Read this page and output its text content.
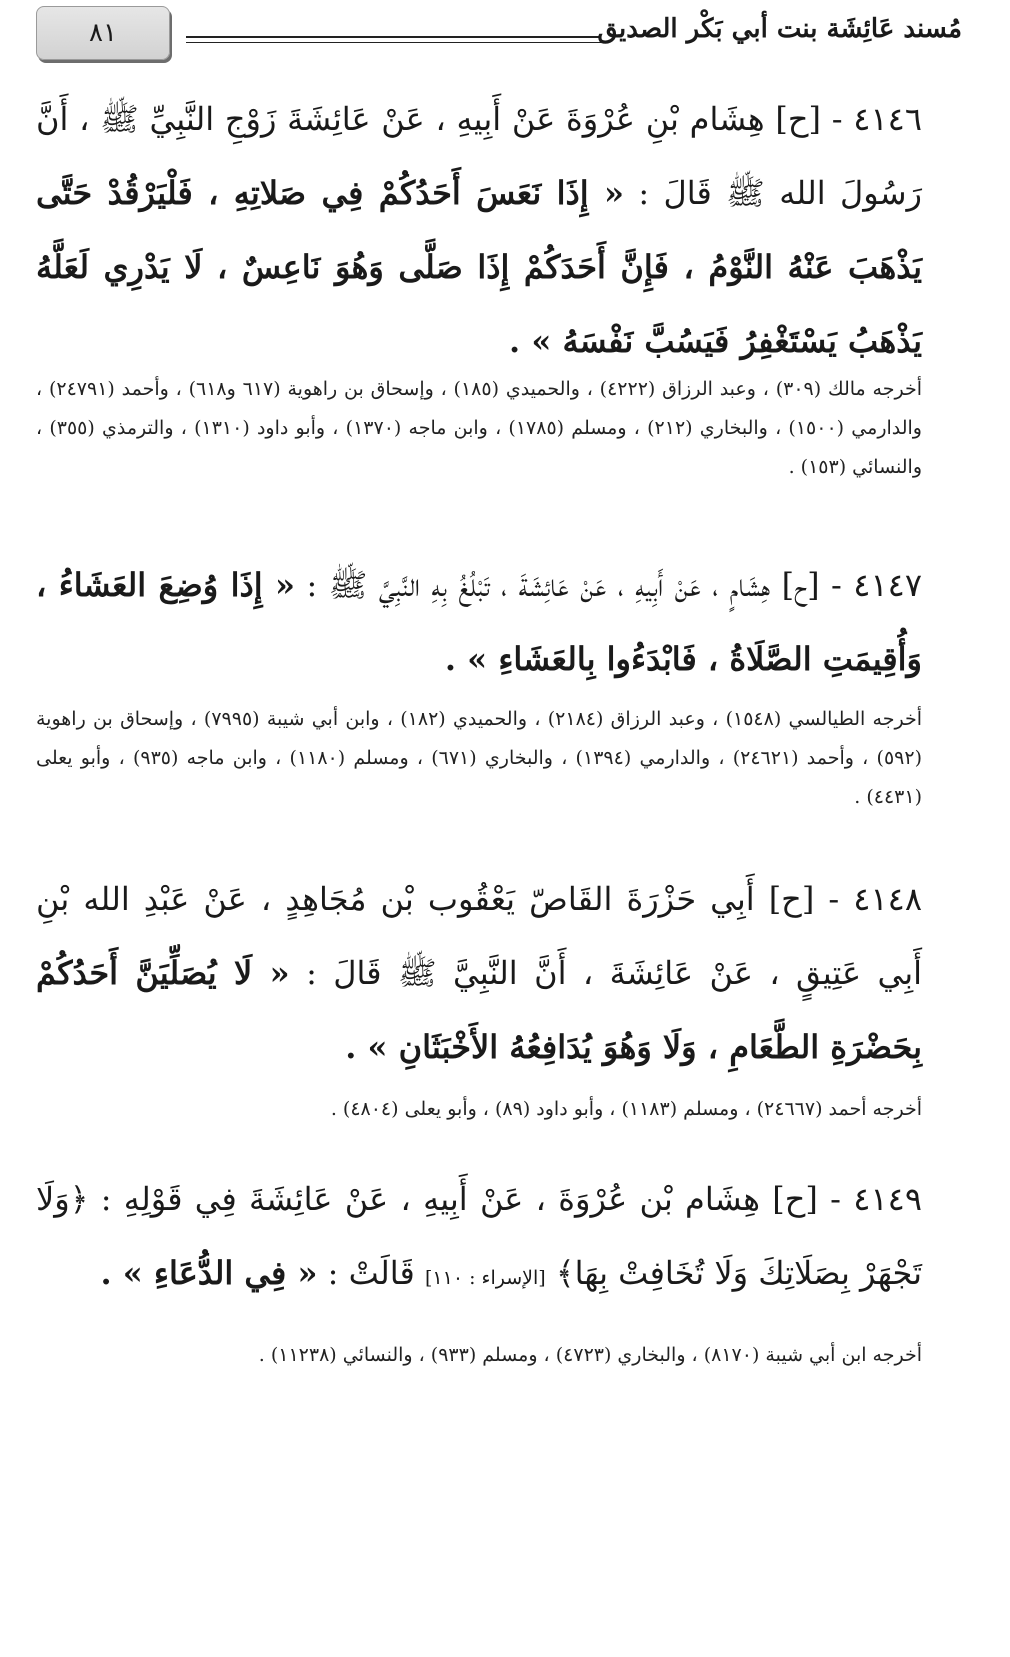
٨١	مُسند عَائِشَة بنت أبي بَكْر الصديق
٤١٤٦ - [ح] هِشَام بْنِ عُرْوَةَ عَنْ أَبِيهِ ، عَنْ عَائِشَةَ زَوْجِ النَّبِيِّ ﷺ ، أَنَّ رَسُولَ الله ﷺ قَالَ : « إِذَا نَعَسَ أَحَدُكُمْ فِي صَلاتِهِ ، فَلْيَرْقُدْ حَتَّى يَذْهَبَ عَنْهُ النَّوْمُ ، فَإِنَّ أَحَدَكُمْ إِذَا صَلَّى وَهُوَ نَاعِسٌ ، لَا يَدْرِي لَعَلَّهُ يَذْهَبُ يَسْتَغْفِرُ فَيَسُبَّ نَفْسَهُ » .
أخرجه مالك (٣٠٩) ، وعبد الرزاق (٤٢٢٢) ، والحميدي (١٨٥) ، وإسحاق بن راهوية (٦١٧ و٦١٨) ، وأحمد (٢٤٧٩١) ، والدارمي (١٥٠٠) ، والبخاري (٢١٢) ، ومسلم (١٧٨٥) ، وابن ماجه (١٣٧٠) ، وأبو داود (١٣١٠) ، والترمذي (٣٥٥) ، والنسائي (١٥٣) .
٤١٤٧ - [ح] هِشَامٍ ، عَنْ أَبِيهِ ، عَنْ عَائِشَةَ ، تَبْلُغُ بِهِ النَّبِيَّ ﷺ : « إِذَا وُضِعَ العَشَاءُ ، وَأُقِيمَتِ الصَّلَاةُ ، فَابْدَءُوا بِالعَشَاءِ » .
أخرجه الطيالسي (١٥٤٨) ، وعبد الرزاق (٢١٨٤) ، والحميدي (١٨٢) ، وابن أبي شيبة (٧٩٩٥) ، وإسحاق بن راهوية (٥٩٢) ، وأحمد (٢٤٦٢١) ، والدارمي (١٣٩٤) ، والبخاري (٦٧١) ، ومسلم (١١٨٠) ، وابن ماجه (٩٣٥) ، وأبو يعلى (٤٤٣١) .
٤١٤٨ - [ح] أَبِي حَزْرَةَ القَاصّ يَعْقُوب بْن مُجَاهِدٍ ، عَنْ عَبْدِ الله بْنِ أَبِي عَتِيقٍ ، عَنْ عَائِشَةَ ، أَنَّ النَّبِيَّ ﷺ قَالَ : « لَا يُصَلِّيَنَّ أَحَدُكُمْ بِحَضْرَةِ الطَّعَامِ ، وَلَا وَهُوَ يُدَافِعُهُ الأَخْبَثَانِ » .
أخرجه أحمد (٢٤٦٦٧) ، ومسلم (١١٨٣) ، وأبو داود (٨٩) ، وأبو يعلى (٤٨٠٤) .
٤١٤٩ - [ح] هِشَام بْن عُرْوَةَ ، عَنْ أَبِيهِ ، عَنْ عَائِشَةَ فِي قَوْلِهِ : ﴿وَلَا تَجْهَرْ بِصَلَاتِكَ وَلَا تُخَافِتْ بِهَا﴾ [الإسراء : ١١٠] قَالَتْ : « فِي الدُّعَاءِ » .
أخرجه ابن أبي شيبة (٨١٧٠) ، والبخاري (٤٧٢٣) ، ومسلم (٩٣٣) ، والنسائي (١١٢٣٨) .
